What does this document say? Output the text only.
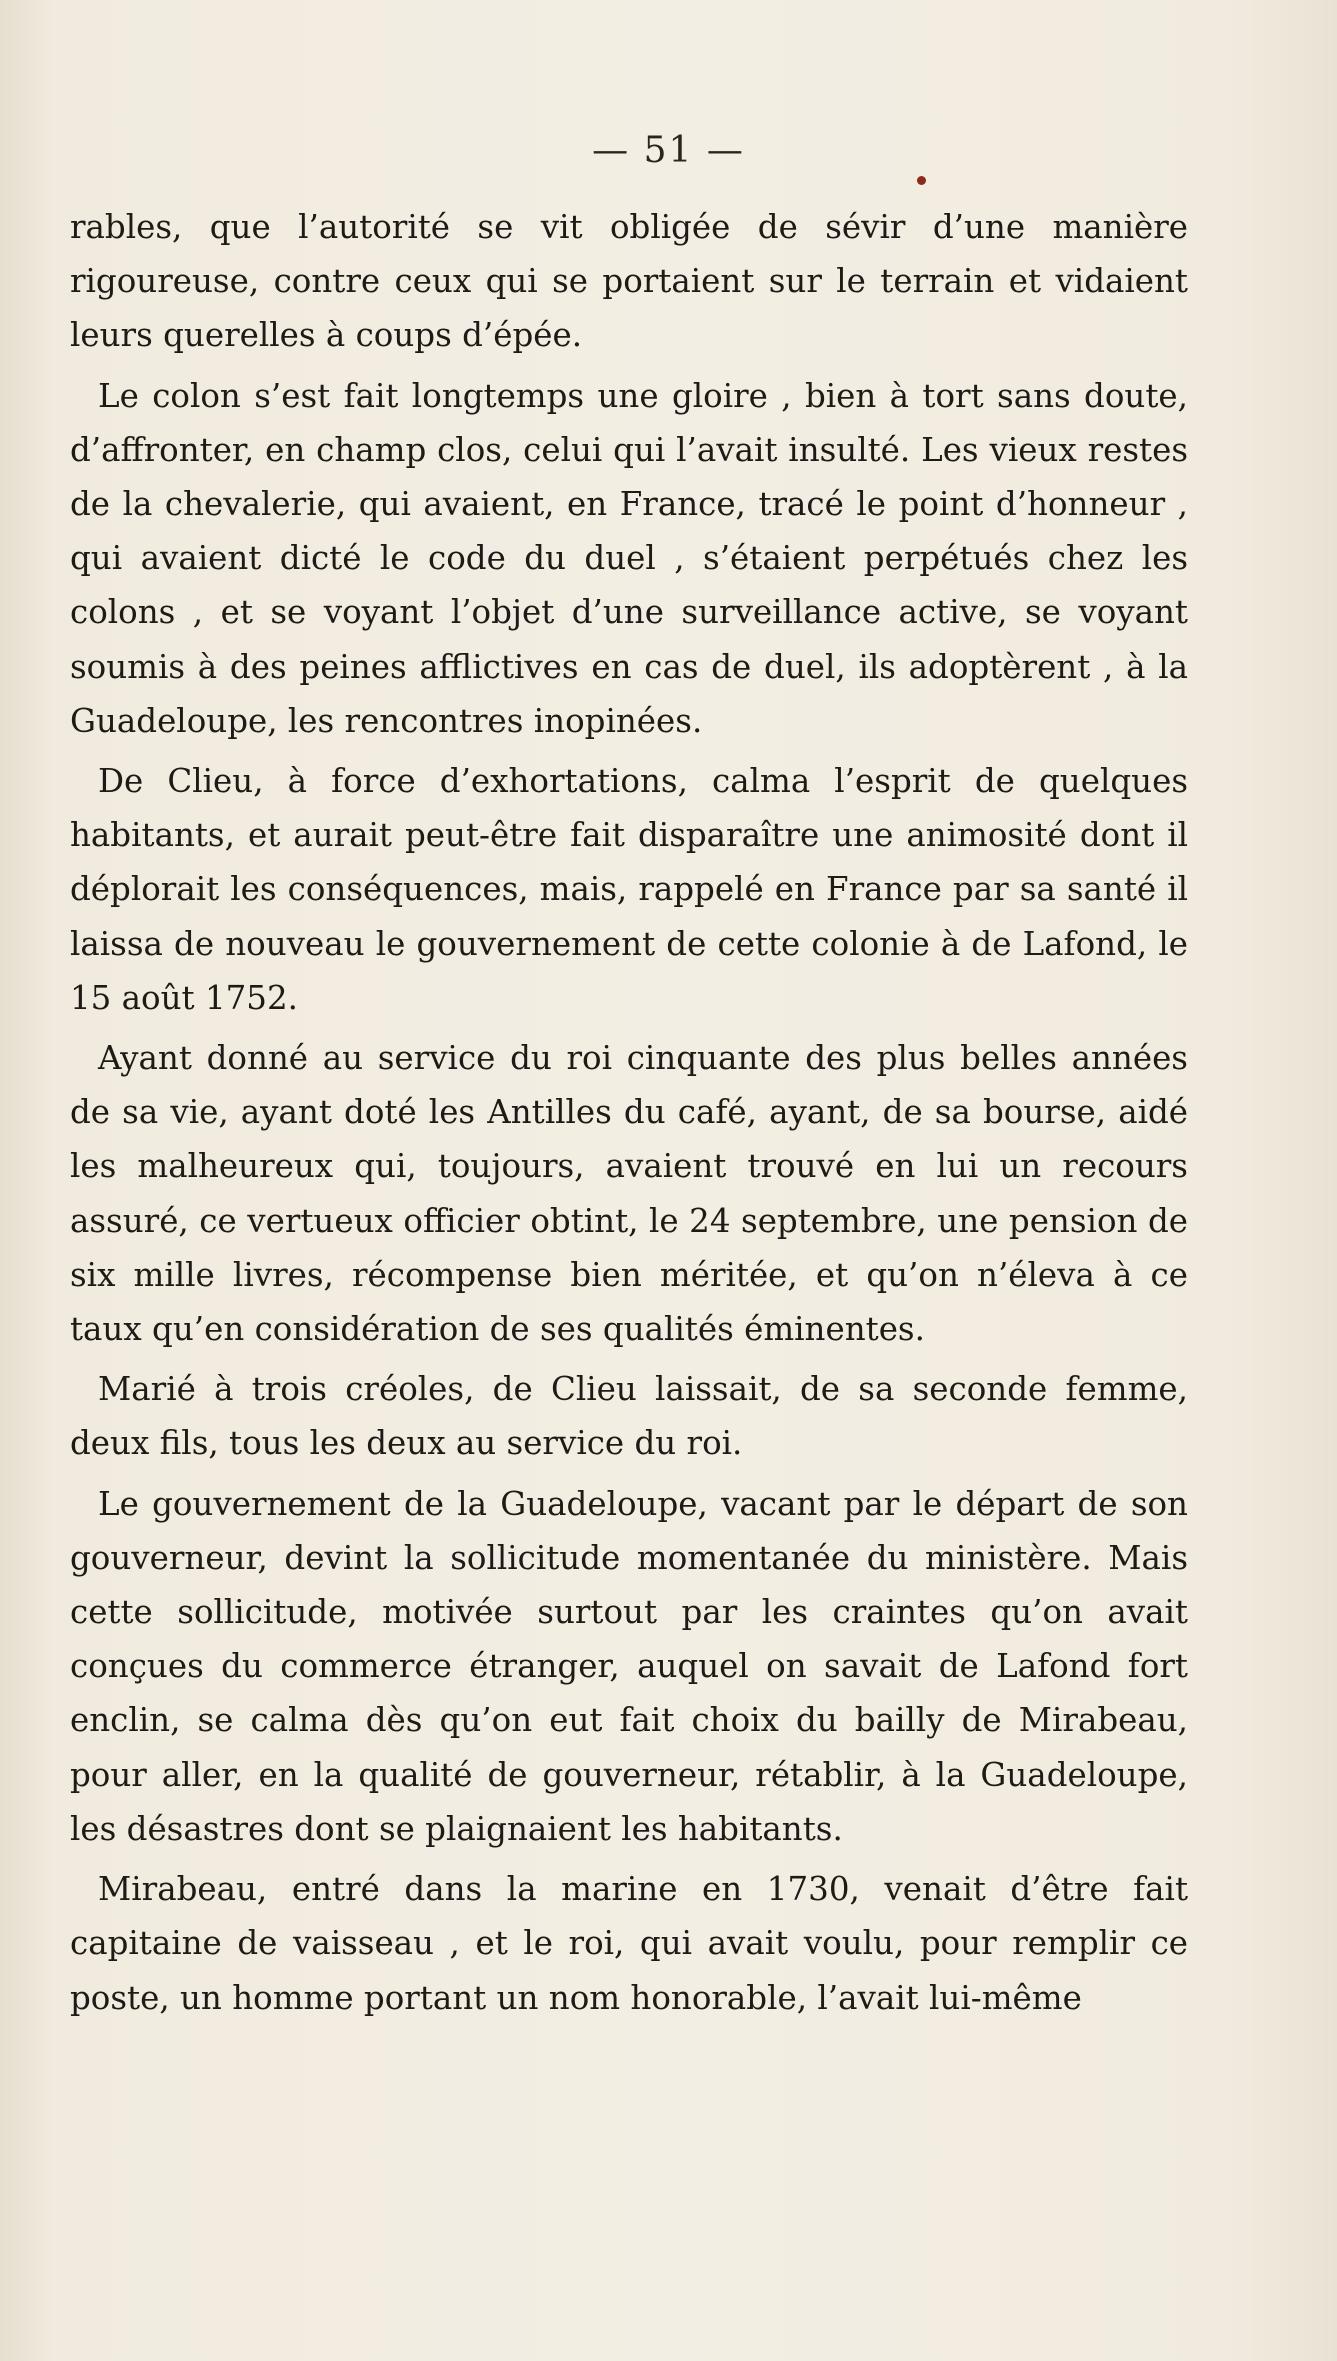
— 51 —

rables, que l’autorité se vit obligée de sévir d’une manière rigoureuse, contre ceux qui se portaient sur le terrain et vidaient leurs querelles à coups d’épée.

Le colon s’est fait longtemps une gloire , bien à tort sans doute, d’affronter, en champ clos, celui qui l’avait insulté. Les vieux restes de la chevalerie, qui avaient, en France, tracé le point d’honneur , qui avaient dicté le code du duel , s’étaient perpétués chez les colons , et se voyant l’objet d’une surveillance active, se voyant soumis à des peines afflictives en cas de duel, ils adoptèrent , à la Guadeloupe, les rencontres inopinées.

De Clieu, à force d’exhortations, calma l’esprit de quelques habitants, et aurait peut-être fait disparaître une animosité dont il déplorait les conséquences, mais, rappelé en France par sa santé il laissa de nouveau le gouvernement de cette colonie à de Lafond, le 15 août 1752.

Ayant donné au service du roi cinquante des plus belles années de sa vie, ayant doté les Antilles du café, ayant, de sa bourse, aidé les malheureux qui, toujours, avaient trouvé en lui un recours assuré, ce vertueux officier obtint, le 24 septembre, une pension de six mille livres, récompense bien méritée, et qu’on n’éleva à ce taux qu’en considération de ses qualités éminentes.

Marié à trois créoles, de Clieu laissait, de sa seconde femme, deux fils, tous les deux au service du roi.

Le gouvernement de la Guadeloupe, vacant par le départ de son gouverneur, devint la sollicitude momentanée du ministère. Mais cette sollicitude, motivée surtout par les craintes qu’on avait conçues du commerce étranger, auquel on savait de Lafond fort enclin, se calma dès qu’on eut fait choix du bailly de Mirabeau, pour aller, en la qualité de gouverneur, rétablir, à la Guadeloupe, les désastres dont se plaignaient les habitants.

Mirabeau, entré dans la marine en 1730, venait d’être fait capitaine de vaisseau , et le roi, qui avait voulu, pour remplir ce poste, un homme portant un nom honorable, l’avait lui-même
